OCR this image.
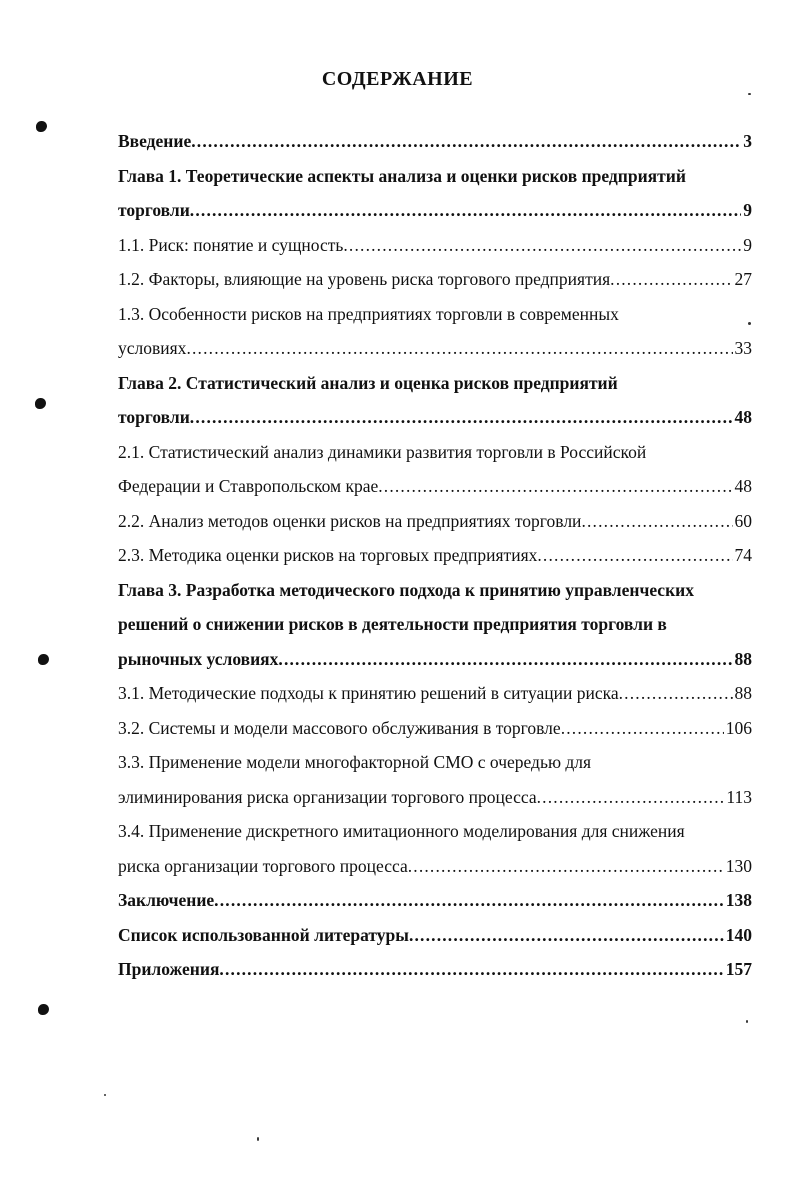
СОДЕРЖАНИЕ
Введение . . .	3
Глава 1. Теоретические аспекты анализа и оценки рисков предприятий
торговли . . .	9
1.1. Риск: понятие и сущность . . .	9
1.2. Факторы, влияющие на уровень риска торгового предприятия . . .	27
1.3. Особенности рисков на предприятиях торговли в современных
условиях . . .	33
Глава 2. Статистический анализ и оценка рисков предприятий
торговли . . .	48
2.1. Статистический анализ динамики развития торговли в Российской
Федерации и Ставропольском крае . . .	48
2.2. Анализ методов оценки рисков на предприятиях торговли . . .	60
2.3. Методика оценки рисков на торговых предприятиях . . .	74
Глава 3. Разработка методического подхода к принятию управленческих
решений о снижении рисков в деятельности предприятия торговли в
рыночных условиях . . .	88
3.1. Методические подходы к принятию решений в ситуации риска . . .	88
3.2. Системы и модели массового обслуживания в торговле . . .	106
3.3. Применение модели многофакторной СМО с очередью для
элиминирования риска организации торгового процесса . . .	113
3.4. Применение дискретного имитационного моделирования для снижения
риска организации торгового процесса . . .	130
Заключение . . .	138
Список использованной литературы . . .	140
Приложения . . .	157
